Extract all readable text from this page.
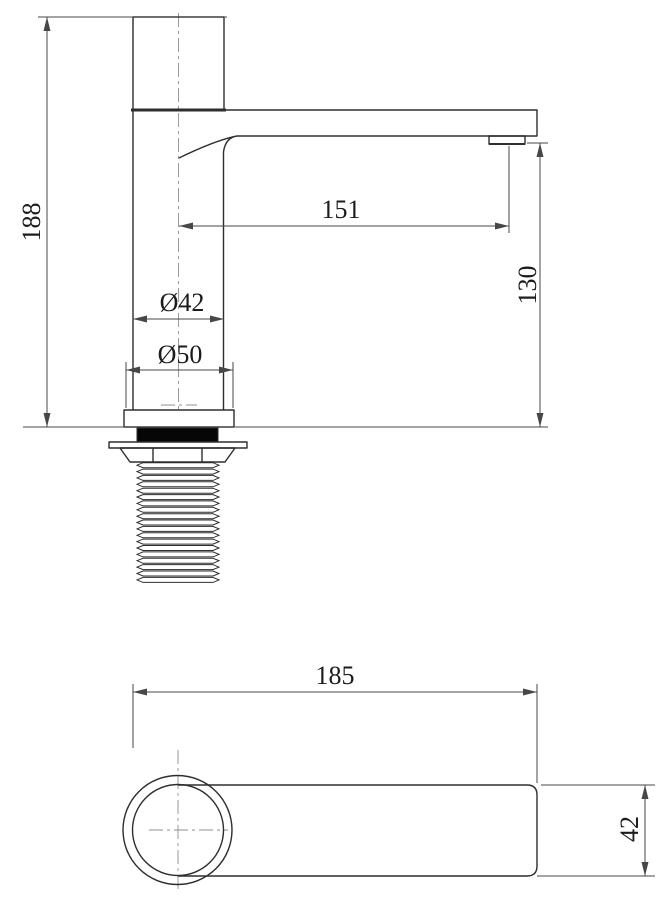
188	151
130
Ø42
Ø50
185
42
